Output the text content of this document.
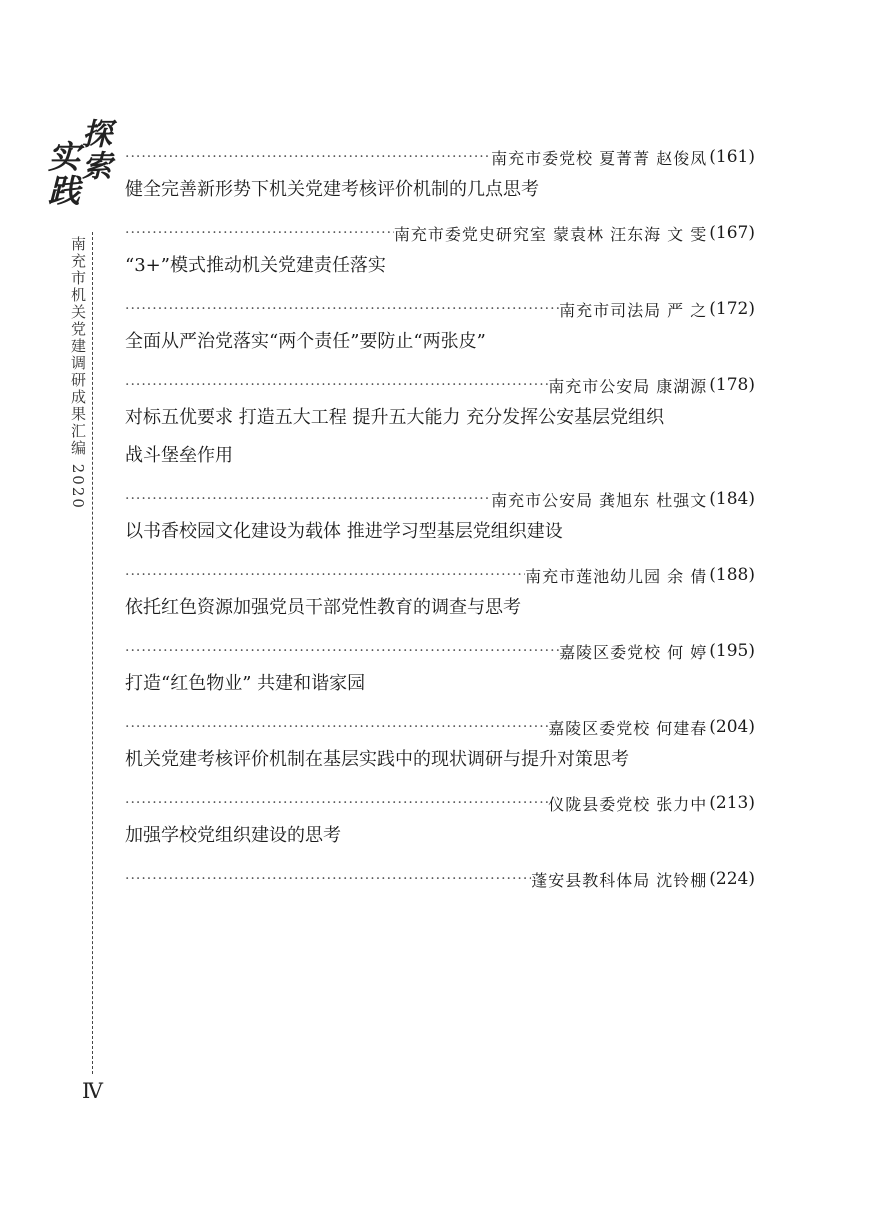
探索
实践
南充市机关党建调研成果汇编 2020
Ⅳ
·····
南充市委党校 夏菁菁 赵俊凤 (161)
健全完善新形势下机关党建考核评价机制的几点思考
·····
南充市委党史研究室 蒙袁林 汪东海 文 雯 (167)
“3+”模式推动机关党建责任落实
·····
南充市司法局 严 之 (172)
全面从严治党落实“两个责任”要防止“两张皮”
·····
南充市公安局 康湖源 (178)
对标五优要求 打造五大工程 提升五大能力 充分发挥公安基层党组织
战斗堡垒作用
·····
南充市公安局 龚旭东 杜强文 (184)
以书香校园文化建设为载体 推进学习型基层党组织建设
·····
南充市莲池幼儿园 余 倩 (188)
依托红色资源加强党员干部党性教育的调查与思考
·····
嘉陵区委党校 何 婷 (195)
打造“红色物业” 共建和谐家园
·····
嘉陵区委党校 何建春 (204)
机关党建考核评价机制在基层实践中的现状调研与提升对策思考
·····
仪陇县委党校 张力中 (213)
加强学校党组织建设的思考
·····
蓬安县教科体局 沈铃棚 (224)
